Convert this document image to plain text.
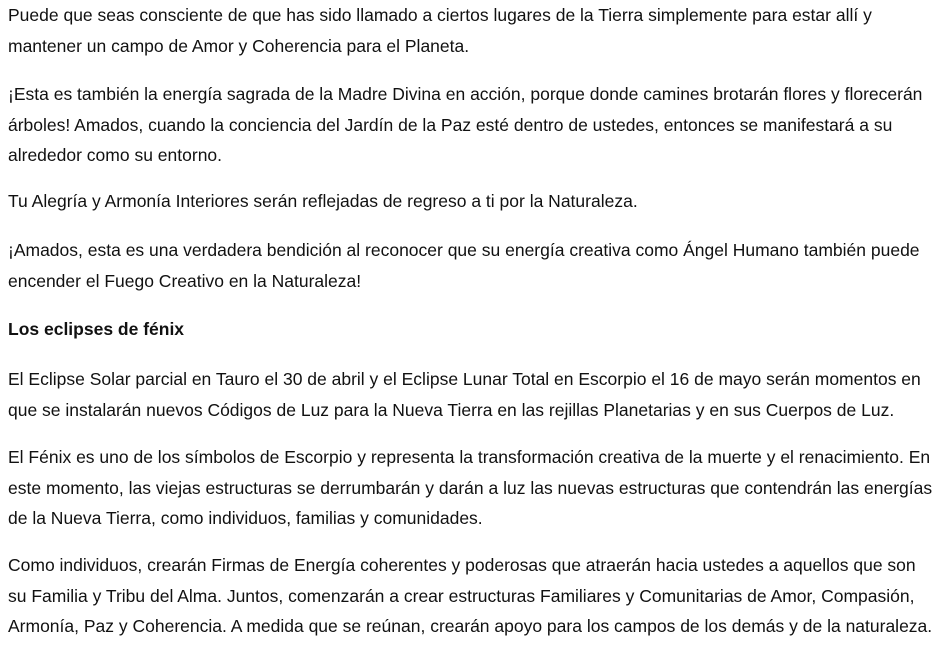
Puede que seas consciente de que has sido llamado a ciertos lugares de la Tierra simplemente para estar allí y mantener un campo de Amor y Coherencia para el Planeta.

¡Esta es también la energía sagrada de la Madre Divina en acción, porque donde camines brotarán flores y florecerán árboles! Amados, cuando la conciencia del Jardín de la Paz esté dentro de ustedes, entonces se manifestará a su alrededor como su entorno.

Tu Alegría y Armonía Interiores serán reflejadas de regreso a ti por la Naturaleza.

¡Amados, esta es una verdadera bendición al reconocer que su energía creativa como Ángel Humano también puede encender el Fuego Creativo en la Naturaleza!

Los eclipses de fénix

El Eclipse Solar parcial en Tauro el 30 de abril y el Eclipse Lunar Total en Escorpio el 16 de mayo serán momentos en que se instalarán nuevos Códigos de Luz para la Nueva Tierra en las rejillas Planetarias y en sus Cuerpos de Luz.

El Fénix es uno de los símbolos de Escorpio y representa la transformación creativa de la muerte y el renacimiento. En este momento, las viejas estructuras se derrumbarán y darán a luz las nuevas estructuras que contendrán las energías de la Nueva Tierra, como individuos, familias y comunidades.

Como individuos, crearán Firmas de Energía coherentes y poderosas que atraerán hacia ustedes a aquellos que son su Familia y Tribu del Alma. Juntos, comenzarán a crear estructuras Familiares y Comunitarias de Amor, Compasión, Armonía, Paz y Coherencia. A medida que se reúnan, crearán apoyo para los campos de los demás y de la naturaleza.
